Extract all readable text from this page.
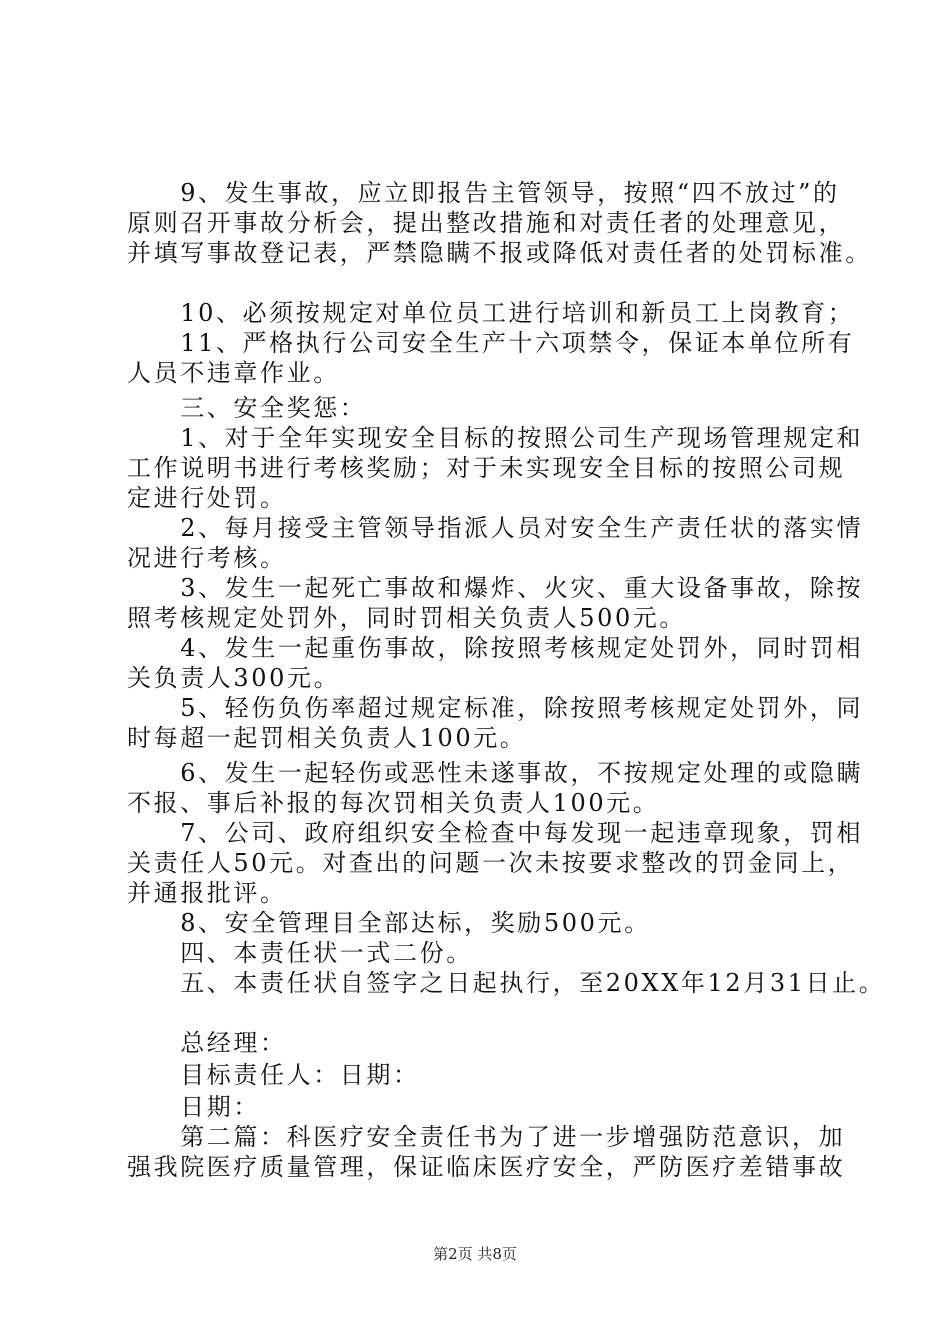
　　9、发生事故，应立即报告主管领导，按照“四不放过”的
原则召开事故分析会，提出整改措施和对责任者的处理意见，
并填写事故登记表，严禁隐瞒不报或降低对责任者的处罚标准。
　　10、必须按规定对单位员工进行培训和新员工上岗教育；
　　11、严格执行公司安全生产十六项禁令，保证本单位所有
人员不违章作业。
　　三、安全奖惩：
　　1、对于全年实现安全目标的按照公司生产现场管理规定和
工作说明书进行考核奖励；对于未实现安全目标的按照公司规
定进行处罚。
　　2、每月接受主管领导指派人员对安全生产责任状的落实情
况进行考核。
　　3、发生一起死亡事故和爆炸、火灾、重大设备事故，除按
照考核规定处罚外，同时罚相关负责人500元。
　　4、发生一起重伤事故，除按照考核规定处罚外，同时罚相
关负责人300元。
　　5、轻伤负伤率超过规定标准，除按照考核规定处罚外，同
时每超一起罚相关负责人100元。
　　6、发生一起轻伤或恶性未遂事故，不按规定处理的或隐瞒
不报、事后补报的每次罚相关负责人100元。
　　7、公司、政府组织安全检查中每发现一起违章现象，罚相
关责任人50元。对查出的问题一次未按要求整改的罚金同上，
并通报批评。
　　8、安全管理目全部达标，奖励500元。
　　四、本责任状一式二份。
　　五、本责任状自签字之日起执行，至20XX年12月31日止。
　　总经理：
　　目标责任人：日期：
　　日期：
　　第二篇：科医疗安全责任书为了进一步增强防范意识，加
强我院医疗质量管理，保证临床医疗安全，严防医疗差错事故
第2页 共8页
